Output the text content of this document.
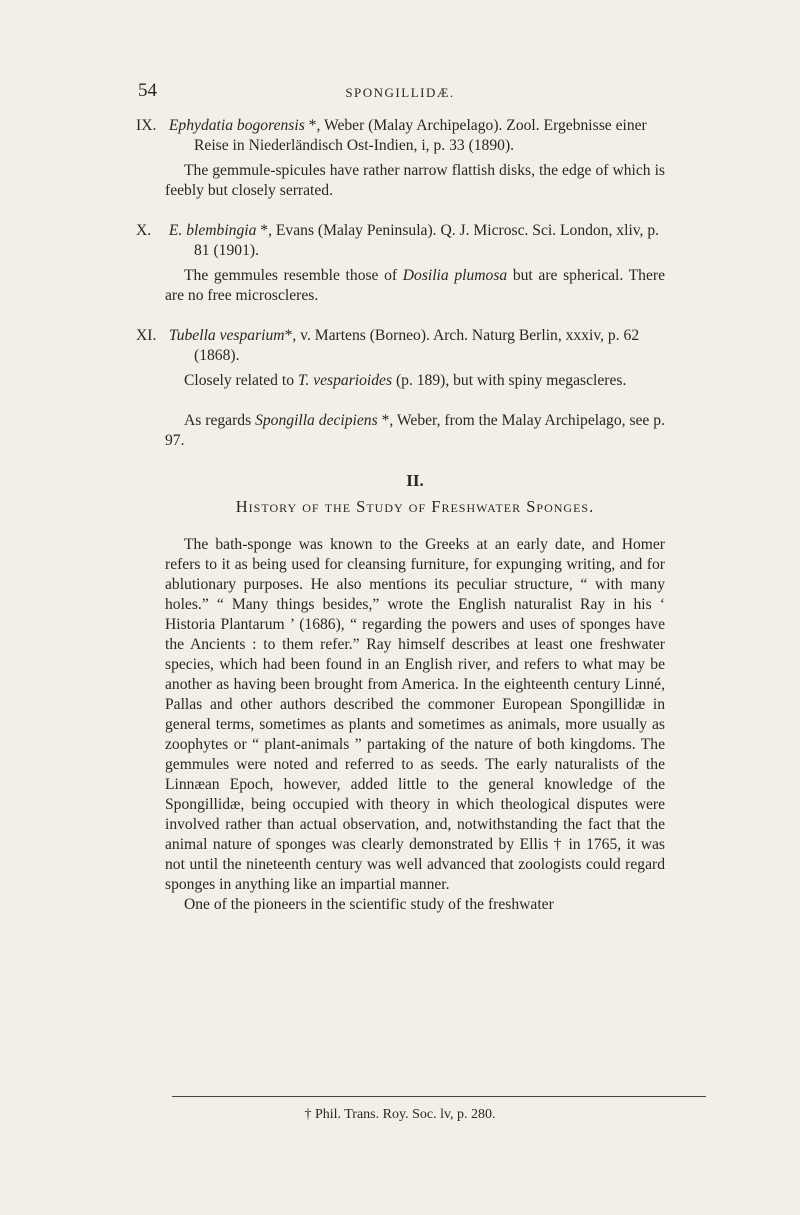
54	SPONGILLIDÆ.

IX. Ephydatia bogorensis *, Weber (Malay Archipelago). Zool. Ergebnisse einer Reise in Niederländisch Ost-Indien, i, p. 33 (1890).

The gemmule-spicules have rather narrow flattish disks, the edge of which is feebly but closely serrated.

X. E. blembingia *, Evans (Malay Peninsula). Q. J. Microsc. Sci. London, xliv, p. 81 (1901).

The gemmules resemble those of Dosilia plumosa but are spherical. There are no free microscleres.

XI. Tubella vesparium*, v. Martens (Borneo). Arch. Naturg Berlin, xxxiv, p. 62 (1868).

Closely related to T. vesparioides (p. 189), but with spiny megascleres.

As regards Spongilla decipiens *, Weber, from the Malay Archipelago, see p. 97.

II.
History of the Study of Freshwater Sponges.

The bath-sponge was known to the Greeks at an early date, and Homer refers to it as being used for cleansing furniture, for expunging writing, and for ablutionary purposes. He also mentions its peculiar structure, “ with many holes.” “ Many things besides,” wrote the English naturalist Ray in his ‘ Historia Plantarum ’ (1686), “ regarding the powers and uses of sponges have the Ancients : to them refer.” Ray himself describes at least one freshwater species, which had been found in an English river, and refers to what may be another as having been brought from America. In the eighteenth century Linné, Pallas and other authors described the commoner European Spongillidæ in general terms, sometimes as plants and sometimes as animals, more usually as zoophytes or “ plant-animals ” partaking of the nature of both kingdoms. The gemmules were noted and referred to as seeds. The early naturalists of the Linnæan Epoch, however, added little to the general knowledge of the Spongillidæ, being occupied with theory in which theological disputes were involved rather than actual observation, and, notwithstanding the fact that the animal nature of sponges was clearly demonstrated by Ellis † in 1765, it was not until the nineteenth century was well advanced that zoologists could regard sponges in anything like an impartial manner.

One of the pioneers in the scientific study of the freshwater

† Phil. Trans. Roy. Soc. lv, p. 280.
